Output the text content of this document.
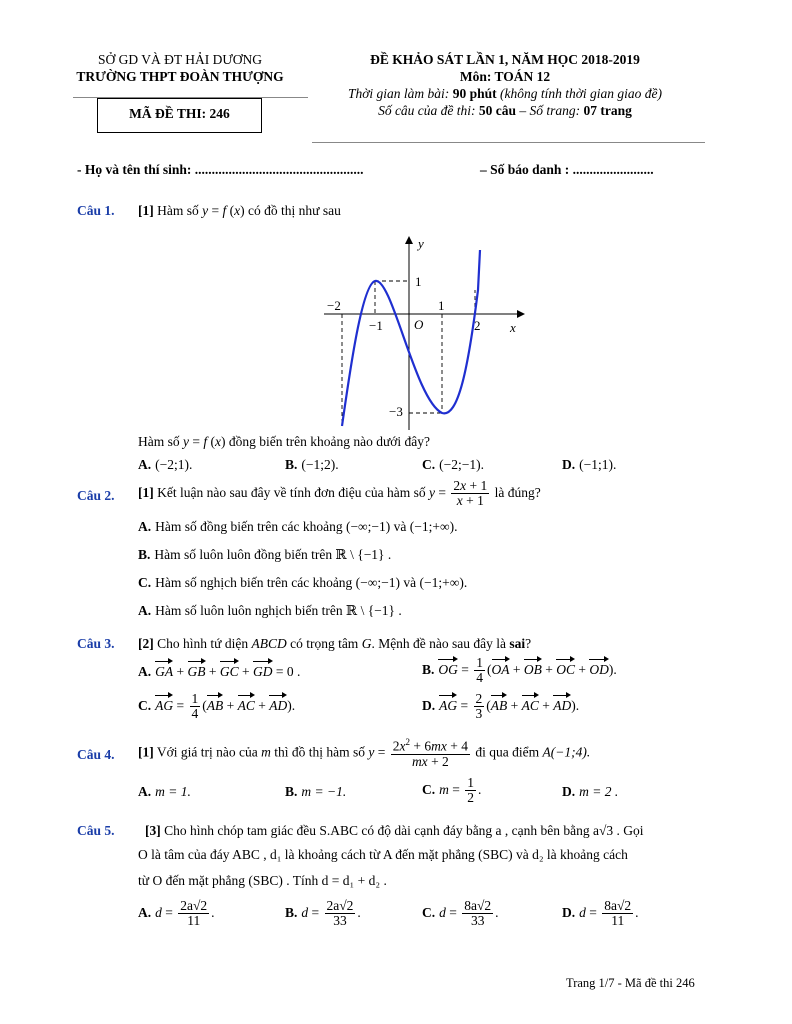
SỞ GD VÀ ĐT HẢI DƯƠNG
TRƯỜNG THPT ĐOÀN THƯỢNG
MÃ ĐỀ THI: 246
ĐỀ KHẢO SÁT LẦN 1, NĂM HỌC 2018-2019
Môn: TOÁN 12
Thời gian làm bài: 90 phút (không tính thời gian giao đề)
Số câu của đề thi: 50 câu – Số trang: 07 trang
- Họ và tên thí sinh: ..................................................	– Số báo danh : ........................
Câu 1. [1] Hàm số y = f (x) có đồ thị như sau
y
x
O
1
1
2
−1
−2
−3
Hàm số y = f (x) đồng biến trên khoảng nào dưới đây?
A. (−2;1).	B. (−1;2).	C. (−2;−1).	D. (−1;1).
Câu 2. [1] Kết luận nào sau đây về tính đơn điệu của hàm số $y = \frac{2x + 1}{x + 1}$ là đúng?
A. Hàm số đồng biến trên các khoảng (−∞;−1) và (−1;+∞).
B. Hàm số luôn luôn đồng biến trên ℝ \ {−1} .
C. Hàm số nghịch biến trên các khoảng (−∞;−1) và (−1;+∞).
A. Hàm số luôn luôn nghịch biến trên ℝ \ {−1} .
Câu 3. [2] Cho hình tứ diện ABCD có trọng tâm G. Mệnh đề nào sau đây là sai?
A. GA + GB + GC + GD = 0 .	B. OG = $\frac{1}{4} (OA$ + OB + OC + OD).
C. AG = $\frac{1}{4} (AB$ + AC + AD).	D. AG = $\frac{2}{3} (AB$ + AC + AD).
Câu 4. [1] Với giá trị nào của m thì đồ thị hàm số $y = \frac{2x^2 + 6mx + 4}{mx + 2}$ đi qua điểm A(−1;4).
A. m = 1.	B. m = −1.	C. $m = \frac{1}{2}$ .	D. m = 2 .
Câu 5. [3] Cho hình chóp tam giác đều S.ABC có độ dài cạnh đáy bằng a , cạnh bên bằng a√3 . Gọi
O là tâm của đáy ABC , d₁ là khoảng cách từ A đến mặt phẳng (SBC) và d₂ là khoảng cách
từ O đến mặt phẳng (SBC) . Tính d = d₁ + d₂ .
A. $d = \frac{2a√2}{11}$ .	B. $d = \frac{2a√2}{33}$ .	C. $d = \frac{8a√2}{33}$ .	D. $d = \frac{8a√2}{11}$ .
Trang 1/7 - Mã đề thi 246
